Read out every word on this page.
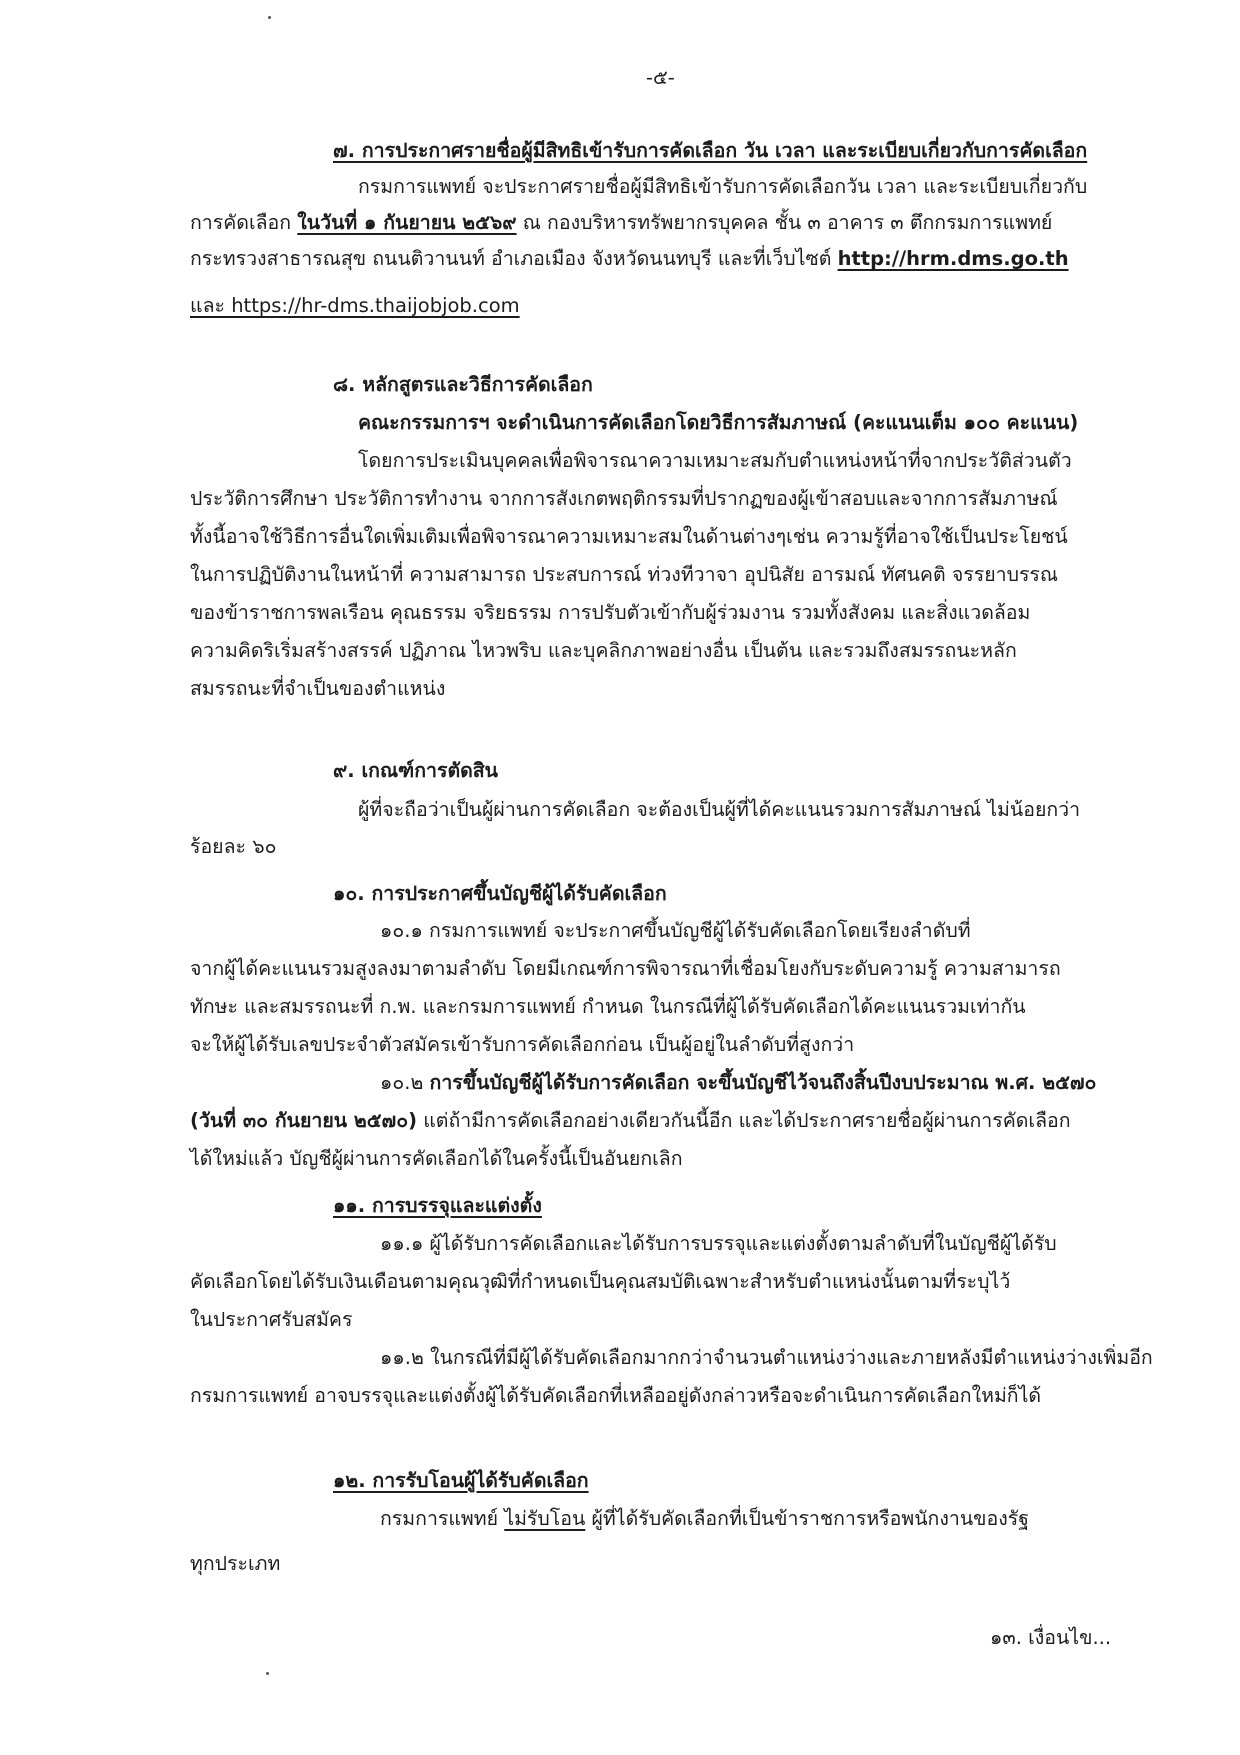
-๕-
๗. การประกาศรายชื่อผู้มีสิทธิเข้ารับการคัดเลือก วัน เวลา และระเบียบเกี่ยวกับการคัดเลือก
กรมการแพทย์ จะประกาศรายชื่อผู้มีสิทธิเข้ารับการคัดเลือกวัน เวลา และระเบียบเกี่ยวกับ
การคัดเลือก ในวันที่ ๑ กันยายน ๒๕๖๙ ณ กองบริหารทรัพยากรบุคคล ชั้น ๓ อาคาร ๓ ตึกกรมการแพทย์
กระทรวงสาธารณสุข ถนนติวานนท์ อำเภอเมือง จังหวัดนนทบุรี และที่เว็บไซต์ http://hrm.dms.go.th
และ https://hr-dms.thaijobjob.com
๘. หลักสูตรและวิธีการคัดเลือก
คณะกรรมการฯ จะดำเนินการคัดเลือกโดยวิธีการสัมภาษณ์ (คะแนนเต็ม ๑๐๐ คะแนน)
โดยการประเมินบุคคลเพื่อพิจารณาความเหมาะสมกับตำแหน่งหน้าที่จากประวัติส่วนตัว
ประวัติการศึกษา ประวัติการทำงาน จากการสังเกตพฤติกรรมที่ปรากฏของผู้เข้าสอบและจากการสัมภาษณ์
ทั้งนี้อาจใช้วิธีการอื่นใดเพิ่มเติมเพื่อพิจารณาความเหมาะสมในด้านต่างๆเช่น ความรู้ที่อาจใช้เป็นประโยชน์
ในการปฏิบัติงานในหน้าที่ ความสามารถ ประสบการณ์ ท่วงทีวาจา อุปนิสัย อารมณ์ ทัศนคติ จรรยาบรรณ
ของข้าราชการพลเรือน คุณธรรม จริยธรรม การปรับตัวเข้ากับผู้ร่วมงาน รวมทั้งสังคม และสิ่งแวดล้อม
ความคิดริเริ่มสร้างสรรค์ ปฏิภาณ ไหวพริบ และบุคลิกภาพอย่างอื่น เป็นต้น และรวมถึงสมรรถนะหลัก
สมรรถนะที่จำเป็นของตำแหน่ง
๙. เกณฑ์การตัดสิน
ผู้ที่จะถือว่าเป็นผู้ผ่านการคัดเลือก จะต้องเป็นผู้ที่ได้คะแนนรวมการสัมภาษณ์ ไม่น้อยกว่า
ร้อยละ ๖๐
๑๐. การประกาศขึ้นบัญชีผู้ได้รับคัดเลือก
๑๐.๑ กรมการแพทย์ จะประกาศขึ้นบัญชีผู้ได้รับคัดเลือกโดยเรียงลำดับที่
จากผู้ได้คะแนนรวมสูงลงมาตามลำดับ โดยมีเกณฑ์การพิจารณาที่เชื่อมโยงกับระดับความรู้ ความสามารถ
ทักษะ และสมรรถนะที่ ก.พ. และกรมการแพทย์ กำหนด ในกรณีที่ผู้ได้รับคัดเลือกได้คะแนนรวมเท่ากัน
จะให้ผู้ได้รับเลขประจำตัวสมัครเข้ารับการคัดเลือกก่อน เป็นผู้อยู่ในลำดับที่สูงกว่า
๑๐.๒ การขึ้นบัญชีผู้ได้รับการคัดเลือก จะขึ้นบัญชีไว้จนถึงสิ้นปีงบประมาณ พ.ศ. ๒๕๗๐
(วันที่ ๓๐ กันยายน ๒๕๗๐) แต่ถ้ามีการคัดเลือกอย่างเดียวกันนี้อีก และได้ประกาศรายชื่อผู้ผ่านการคัดเลือก
ได้ใหม่แล้ว บัญชีผู้ผ่านการคัดเลือกได้ในครั้งนี้เป็นอันยกเลิก
๑๑. การบรรจุและแต่งตั้ง
๑๑.๑ ผู้ได้รับการคัดเลือกและได้รับการบรรจุและแต่งตั้งตามลำดับที่ในบัญชีผู้ได้รับ
คัดเลือกโดยได้รับเงินเดือนตามคุณวุฒิที่กำหนดเป็นคุณสมบัติเฉพาะสำหรับตำแหน่งนั้นตามที่ระบุไว้
ในประกาศรับสมัคร
๑๑.๒ ในกรณีที่มีผู้ได้รับคัดเลือกมากกว่าจำนวนตำแหน่งว่างและภายหลังมีตำแหน่งว่างเพิ่มอีก
กรมการแพทย์ อาจบรรจุและแต่งตั้งผู้ได้รับคัดเลือกที่เหลืออยู่ดังกล่าวหรือจะดำเนินการคัดเลือกใหม่ก็ได้
๑๒. การรับโอนผู้ได้รับคัดเลือก
กรมการแพทย์ ไม่รับโอน ผู้ที่ได้รับคัดเลือกที่เป็นข้าราชการหรือพนักงานของรัฐ
ทุกประเภท
๑๓. เงื่อนไข...
